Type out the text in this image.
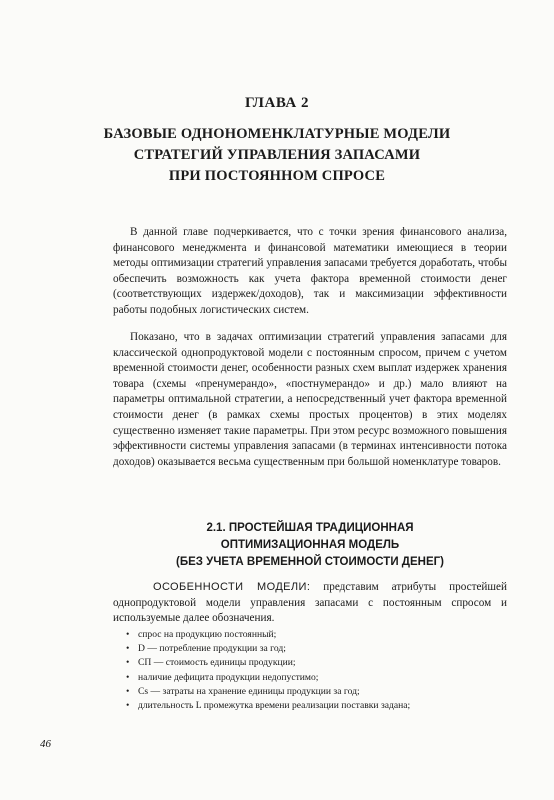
ГЛАВА 2
БАЗОВЫЕ ОДНОНОМЕНКЛАТУРНЫЕ МОДЕЛИ
СТРАТЕГИЙ УПРАВЛЕНИЯ ЗАПАСАМИ
ПРИ ПОСТОЯННОМ СПРОСЕ

В данной главе подчеркивается, что с точки зрения финансового анализа, финансового менеджмента и финансовой математики имеющиеся в теории методы оптимизации стратегий управления запасами требуется доработать, чтобы обеспечить возможность как учета фактора временной стоимости денег (соответствующих издержек/доходов), так и максимизации эффективности работы подобных логистических систем.

Показано, что в задачах оптимизации стратегий управления запасами для классической однопродуктовой модели с постоянным спросом, причем с учетом временной стоимости денег, особенности разных схем выплат издержек хранения товара (схемы «пренумерандо», «постнумерандо» и др.) мало влияют на параметры оптимальной стратегии, а непосредственный учет фактора временной стоимости денег (в рамках схемы простых процентов) в этих моделях существенно изменяет такие параметры. При этом ресурс возможного повышения эффективности системы управления запасами (в терминах интенсивности потока доходов) оказывается весьма существенным при большой номенклатуре товаров.

2.1. ПРОСТЕЙШАЯ ТРАДИЦИОННАЯ
ОПТИМИЗАЦИОННАЯ МОДЕЛЬ
(БЕЗ УЧЕТА ВРЕМЕННОЙ СТОИМОСТИ ДЕНЕГ)

ОСОБЕННОСТИ МОДЕЛИ: представим атрибуты простейшей однопродуктовой модели управления запасами с постоянным спросом и используемые далее обозначения.

• спрос на продукцию постоянный;
• D — потребление продукции за год;
• CП — стоимость единицы продукции;
• наличие дефицита продукции недопустимо;
• Cs — затраты на хранение единицы продукции за год;
• длительность L промежутка времени реализации поставки задана;
46
